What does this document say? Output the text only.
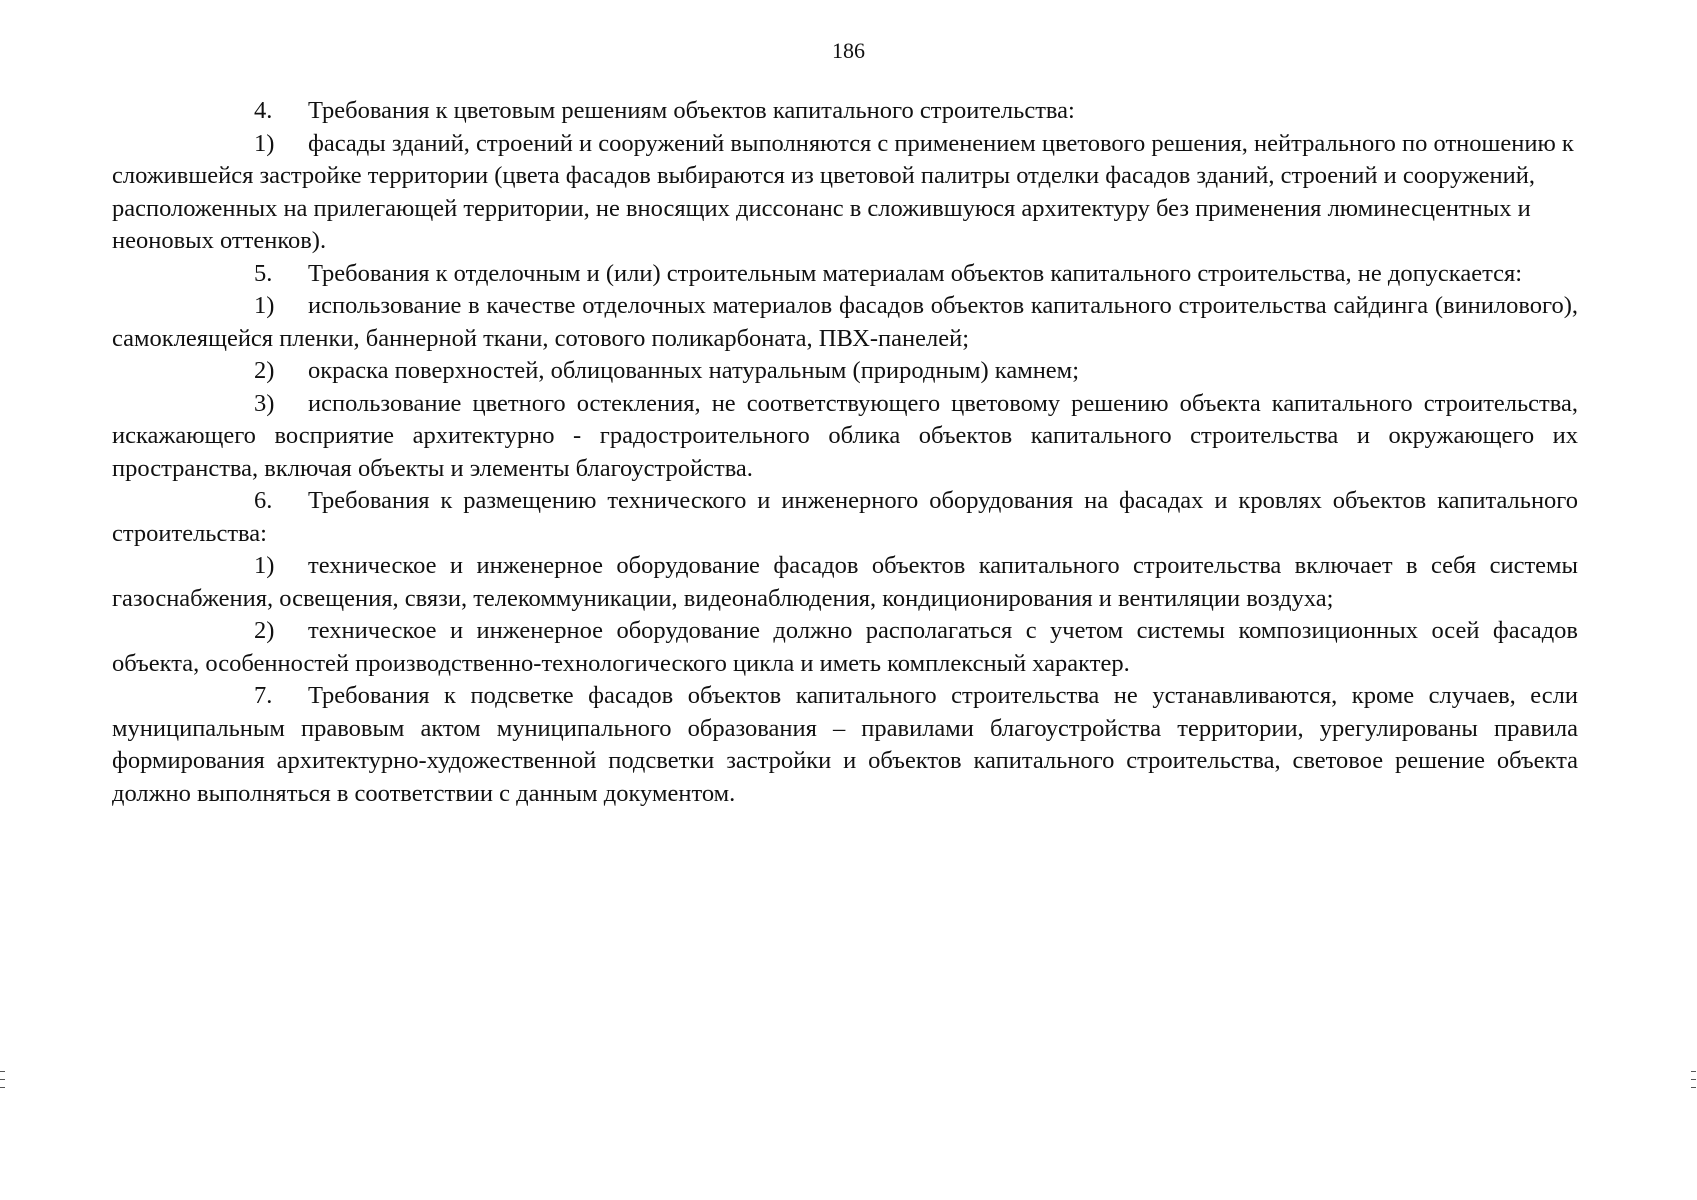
186

4. Требования к цветовым решениям объектов капитального строительства:

1) фасады зданий, строений и сооружений выполняются с применением цветового решения, нейтрального по отношению к сложившейся застройке территории (цвета фасадов выбираются из цветовой палитры отделки фасадов зданий, строений и сооружений, расположенных на прилегающей территории, не вносящих диссонанс в сложившуюся архитектуру без применения люминесцентных и неоновых оттенков).

5. Требования к отделочным и (или) строительным материалам объектов капитального строительства, не допускается:

1) использование в качестве отделочных материалов фасадов объектов капитального строительства сайдинга (винилового), самоклеящейся пленки, баннерной ткани, сотового поликарбоната, ПВХ-панелей;

2) окраска поверхностей, облицованных натуральным (природным) камнем;

3) использование цветного остекления, не соответствующего цветовому решению объекта капитального строительства, искажающего восприятие архитектурно - градостроительного облика объектов капитального строительства и окружающего их пространства, включая объекты и элементы благоустройства.

6. Требования к размещению технического и инженерного оборудования на фасадах и кровлях объектов капитального строительства:

1) техническое и инженерное оборудование фасадов объектов капитального строительства включает в себя системы газоснабжения, освещения, связи, телекоммуникации, видеонаблюдения, кондиционирования и вентиляции воздуха;

2) техническое и инженерное оборудование должно располагаться с учетом системы композиционных осей фасадов объекта, особенностей производственно-технологического цикла и иметь комплексный характер.

7. Требования к подсветке фасадов объектов капитального строительства не устанавливаются, кроме случаев, если муниципальным правовым актом муниципального образования – правилами благоустройства территории, урегулированы правила формирования архитектурно-художественной подсветки застройки и объектов капитального строительства, световое решение объекта должно выполняться в соответствии с данным документом.
